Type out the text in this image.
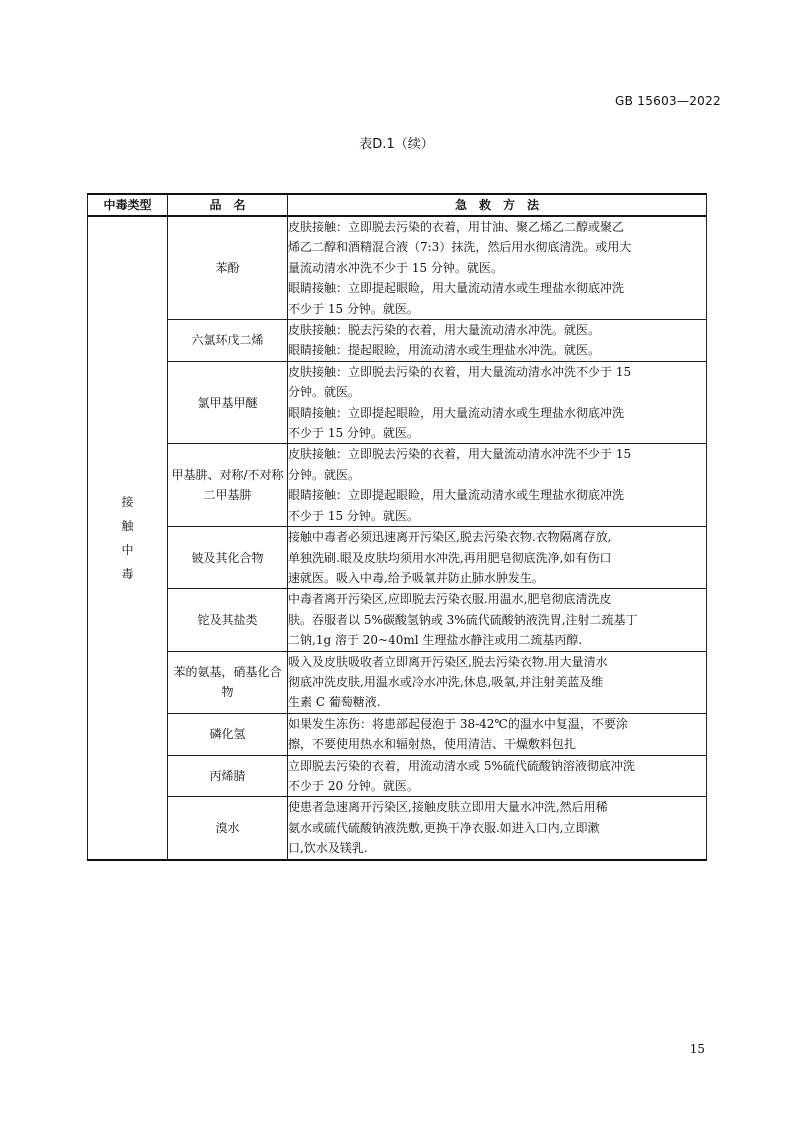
GB 15603—2022
表D.1（续）
中毒类型	品　名	急　救　方　法
接触中毒	苯酚	皮肤接触：立即脱去污染的衣着，用甘油、聚乙烯乙二醇或聚乙
烯乙二醇和酒精混合液（7:3）抹洗，然后用水彻底清洗。或用大
量流动清水冲洗不少于 15 分钟。就医。
眼睛接触：立即提起眼睑，用大量流动清水或生理盐水彻底冲洗
不少于 15 分钟。就医。

	六氯环戊二烯	皮肤接触：脱去污染的衣着，用大量流动清水冲洗。就医。
眼睛接触：提起眼睑，用流动清水或生理盐水冲洗。就医。

	氯甲基甲醚	皮肤接触：立即脱去污染的衣着，用大量流动清水冲洗不少于 15
分钟。就医。
眼睛接触：立即提起眼睑，用大量流动清水或生理盐水彻底冲洗
不少于 15 分钟。就医。

	甲基肼、对称/不对称二甲基肼	皮肤接触：立即脱去污染的衣着，用大量流动清水冲洗不少于 15
分钟。就医。
眼睛接触：立即提起眼睑，用大量流动清水或生理盐水彻底冲洗
不少于 15 分钟。就医。

	铍及其化合物	接触中毒者必须迅速离开污染区,脱去污染衣物.衣物隔离存放,
单独洗刷.眼及皮肤均须用水冲洗,再用肥皂彻底洗净,如有伤口
速就医。吸入中毒,给予吸氧并防止肺水肿发生。

	铊及其盐类	中毒者离开污染区,应即脱去污染衣服.用温水,肥皂彻底清洗皮
肤。吞服者以 5%碳酸氢钠或 3%硫代硫酸钠液洗胃,注射二巯基丁
二钠,1g 溶于 20~40ml 生理盐水静注或用二巯基丙醇.

	苯的氨基，硝基化合物	吸入及皮肤吸收者立即离开污染区,脱去污染衣物.用大量清水
彻底冲洗皮肤,用温水或冷水冲洗,休息,吸氧,并注射美蓝及维
生素 C 葡萄糖液.

	磷化氢	如果发生冻伤：将患部起侵泡于 38-42℃的温水中复温，不要涂
擦，不要使用热水和辐射热，使用清洁、干燥敷料包扎

	丙烯腈	立即脱去污染的衣着，用流动清水或 5%硫代硫酸钠溶液彻底冲洗
不少于 20 分钟。就医。

	溴水	使患者急速离开污染区,接触皮肤立即用大量水冲洗,然后用稀
氨水或硫代硫酸钠液洗敷,更换干净衣服.如进入口内,立即漱
口,饮水及镁乳.
15
